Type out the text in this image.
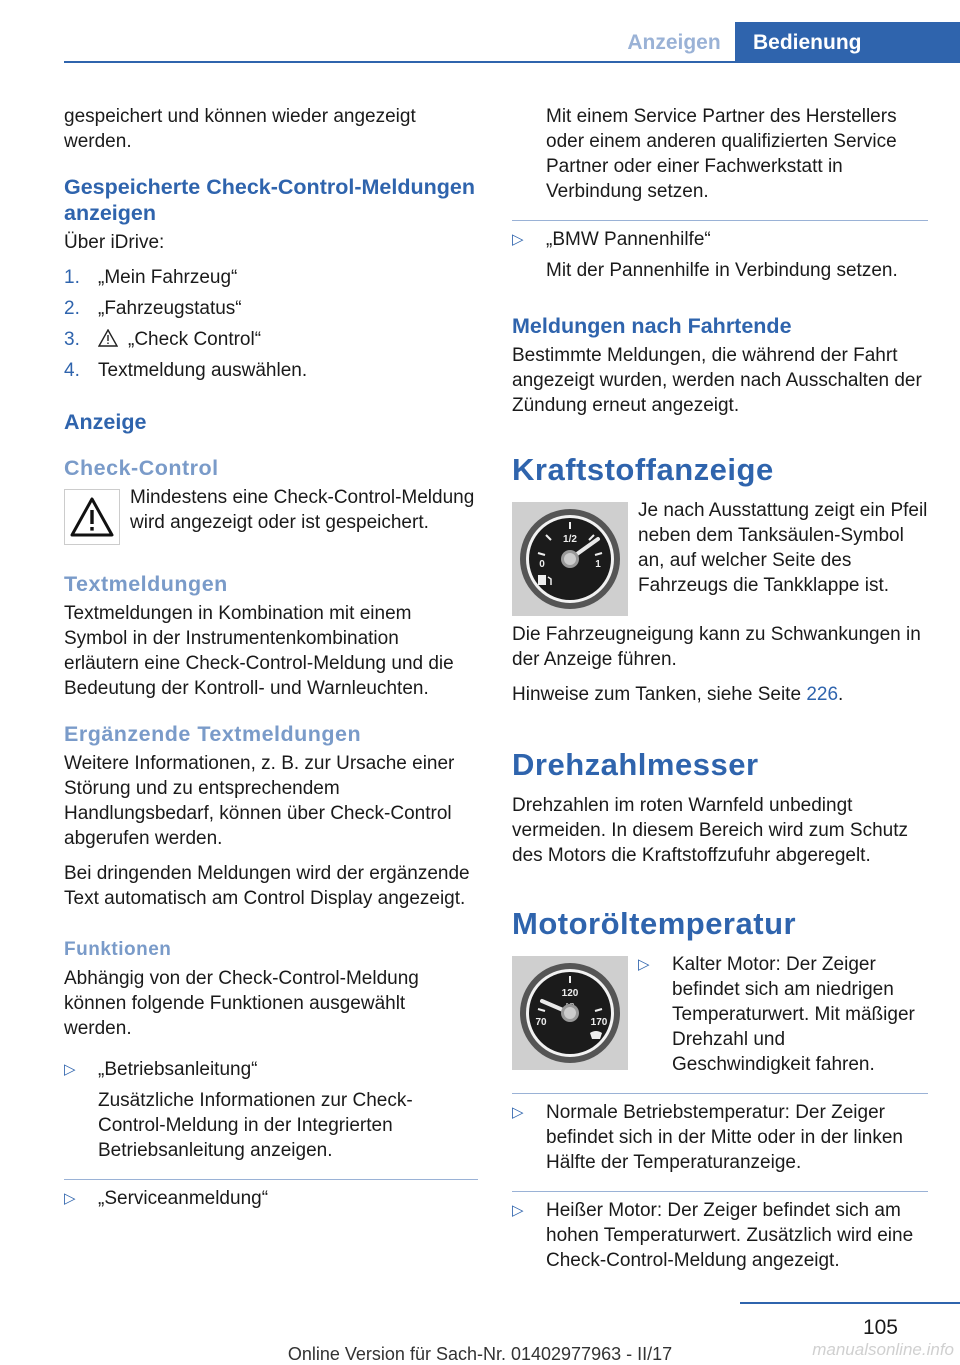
Anzeigen	Bedienung

gespeichert und können wieder angezeigt werden.

Gespeicherte Check-Control-Meldungen anzeigen

Über iDrive:

1. „Mein Fahrzeug“
2. „Fahrzeugstatus“
3.	„Check Control“
4. Textmeldung auswählen.
Anzeige
Check-Control

Mindestens eine Check-Control-Meldung wird angezeigt oder ist gespeichert.

Textmeldungen

Textmeldungen in Kombination mit einem Symbol in der Instrumentenkombination erläutern eine Check-Control-Meldung und die Bedeutung der Kontroll- und Warnleuchten.

Ergänzende Textmeldungen

Weitere Informationen, z. B. zur Ursache einer Störung und zu entsprechendem Handlungsbedarf, können über Check-Control abgerufen werden.

Bei dringenden Meldungen wird der ergänzende Text automatisch am Control Display angezeigt.

Funktionen

Abhängig von der Check-Control-Meldung können folgende Funktionen ausgewählt werden.

▷ „Betriebsanleitung“

Zusätzliche Informationen zur Check-Control-Meldung in der Integrierten Betriebsanleitung anzeigen.

▷ „Serviceanmeldung“

Mit einem Service Partner des Herstellers oder einem anderen qualifizierten Service Partner oder einer Fachwerkstatt in Verbindung setzen.

▷ „BMW Pannenhilfe“

Mit der Pannenhilfe in Verbindung setzen.

Meldungen nach Fahrtende

Bestimmte Meldungen, die während der Fahrt angezeigt wurden, werden nach Ausschalten der Zündung erneut angezeigt.

Kraftstoffanzeige
1/2
0	1

Je nach Ausstattung zeigt ein Pfeil neben dem Tanksäulen-Symbol an, auf welcher Seite des Fahrzeugs die Tankklappe ist.

Die Fahrzeugneigung kann zu Schwankungen in der Anzeige führen.

Hinweise zum Tanken, siehe Seite 226.

Drehzahlmesser

Drehzahlen im roten Warnfeld unbedingt vermeiden. In diesem Bereich wird zum Schutz des Motors die Kraftstoffzufuhr abgeregelt.

Motoröltemperatur
120
70	170
▷ Kalter Motor: Der Zeiger befindet sich am niedrigen Temperaturwert. Mit mäßiger Drehzahl und Geschwindigkeit fahren.

▷ Normale Betriebstemperatur: Der Zeiger befindet sich in der Mitte oder in der linken Hälfte der Temperaturanzeige.

▷ Heißer Motor: Der Zeiger befindet sich am hohen Temperaturwert. Zusätzlich wird eine Check-Control-Meldung angezeigt.

105
Online Version für Sach-Nr. 01402977963 - II/17	manualsonline.info
